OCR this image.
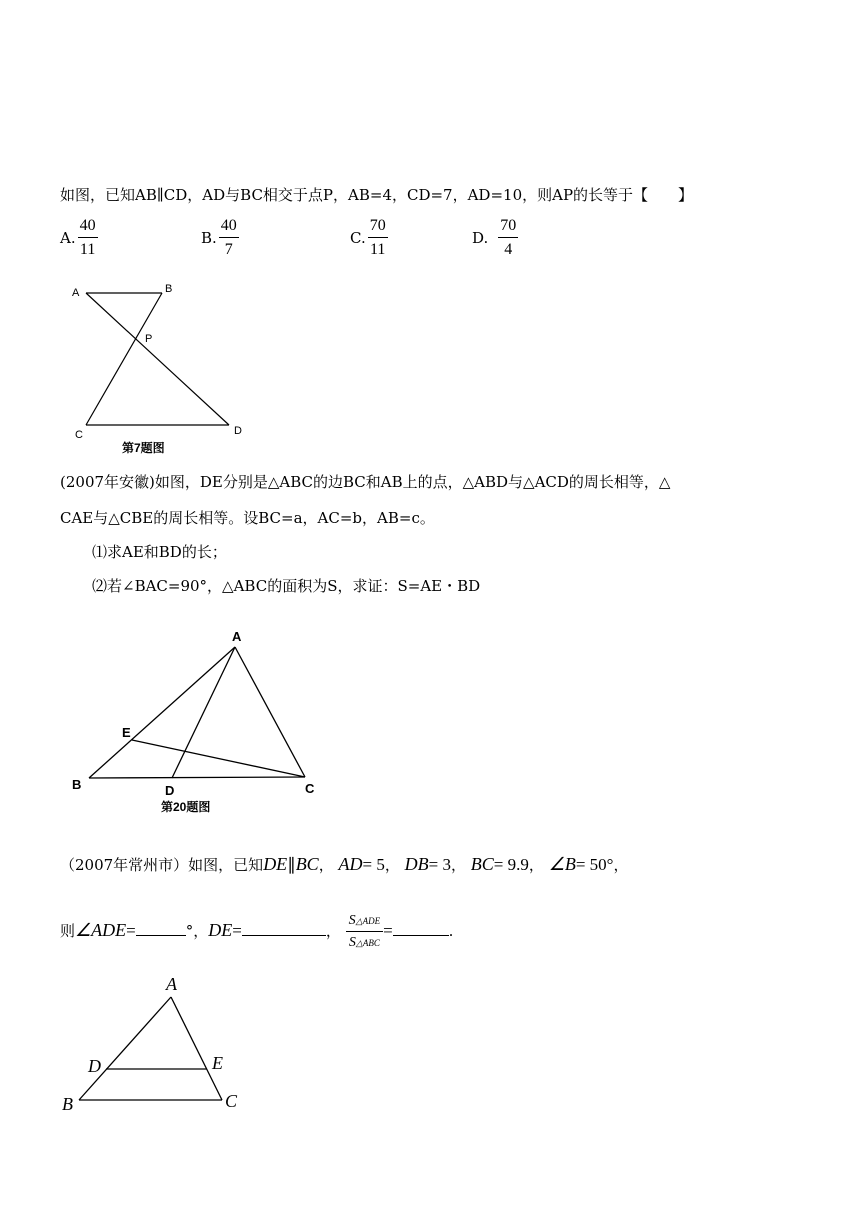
如图，已知AB∥CD，AD与BC相交于点P，AB=4，CD=7，AD=10，则AP的长等于【　　】
A. $\frac{40}{11}$	B. $\frac{40}{7}$	C. $\frac{70}{11}$	D. $\frac{70}{4}$
(2007年安徽)如图，DE分别是△ABC的边BC和AB上的点，△ABD与△ACD的周长相等，△
CAE与△CBE的周长相等。设BC=a，AC=b，AB=c。
⑴求AE和BD的长；
⑵若∠BAC=90°，△ABC的面积为S，求证：S=AE・BD
（2007年常州市）如图，已知DE∥BC， AD= 5， DB= 3， BC= 9.9， ∠B= 50°，
则∠ADE=	°，DE=	，
S△ADE
S△ABC
=	.
A	B
P
C	D
第7题图
A
E
B	D	C
第20题图
A
D	E
B	C
